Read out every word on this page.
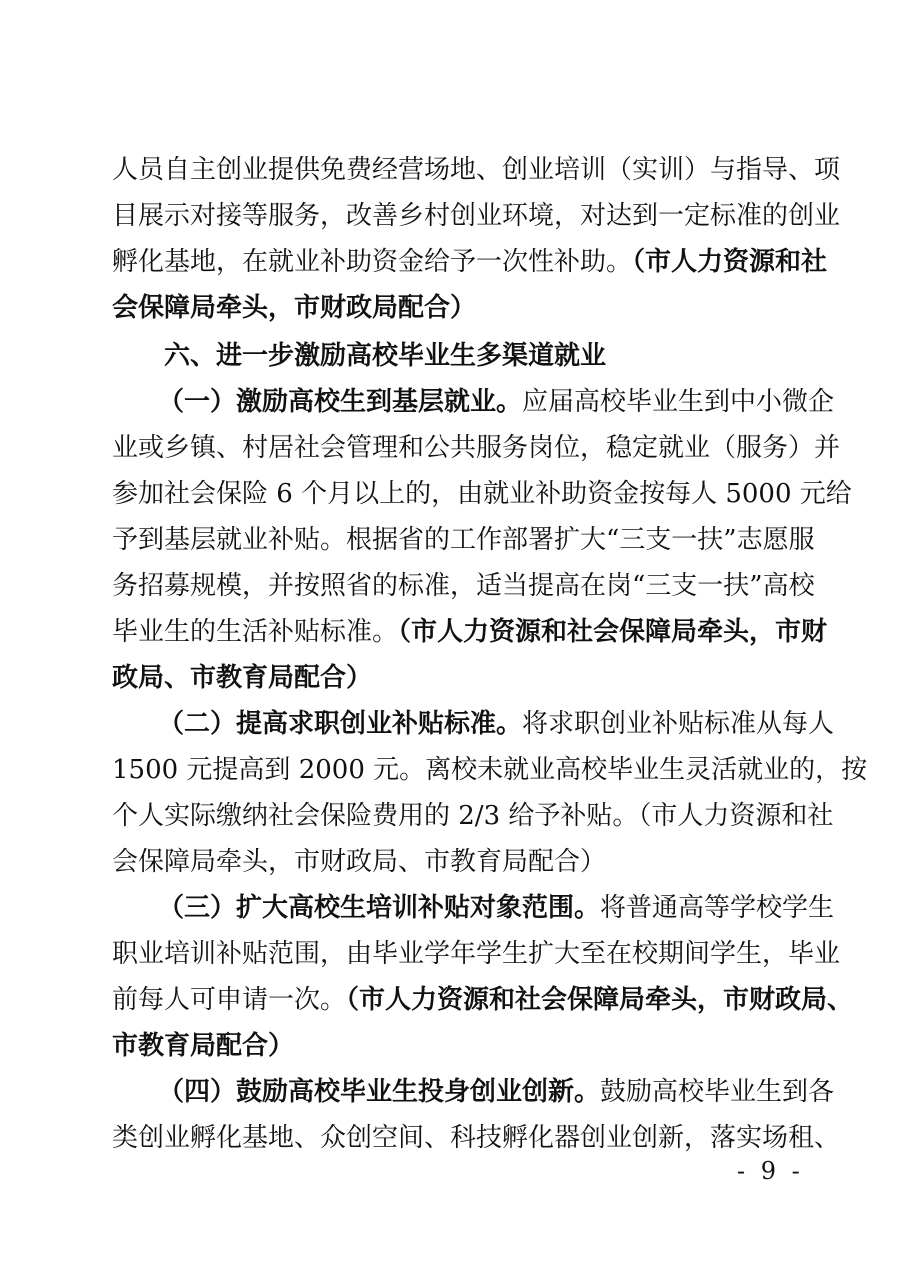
人员自主创业提供免费经营场地、创业培训（实训）与指导、项
目展示对接等服务，改善乡村创业环境，对达到一定标准的创业
孵化基地，在就业补助资金给予一次性补助。（市人力资源和社
会保障局牵头，市财政局配合）
六、进一步激励高校毕业生多渠道就业
（一）激励高校生到基层就业。应届高校毕业生到中小微企
业或乡镇、村居社会管理和公共服务岗位，稳定就业（服务）并
参加社会保险 6 个月以上的，由就业补助资金按每人 5000 元给
予到基层就业补贴。根据省的工作部署扩大“三支一扶”志愿服
务招募规模，并按照省的标准，适当提高在岗“三支一扶”高校
毕业生的生活补贴标准。（市人力资源和社会保障局牵头，市财
政局、市教育局配合）
（二）提高求职创业补贴标准。将求职创业补贴标准从每人
1500 元提高到 2000 元。离校未就业高校毕业生灵活就业的，按
个人实际缴纳社会保险费用的 2/3 给予补贴。（市人力资源和社
会保障局牵头，市财政局、市教育局配合）
（三）扩大高校生培训补贴对象范围。将普通高等学校学生
职业培训补贴范围，由毕业学年学生扩大至在校期间学生，毕业
前每人可申请一次。（市人力资源和社会保障局牵头，市财政局、
市教育局配合）
（四）鼓励高校毕业生投身创业创新。鼓励高校毕业生到各
类创业孵化基地、众创空间、科技孵化器创业创新，落实场租、
- 9 -
